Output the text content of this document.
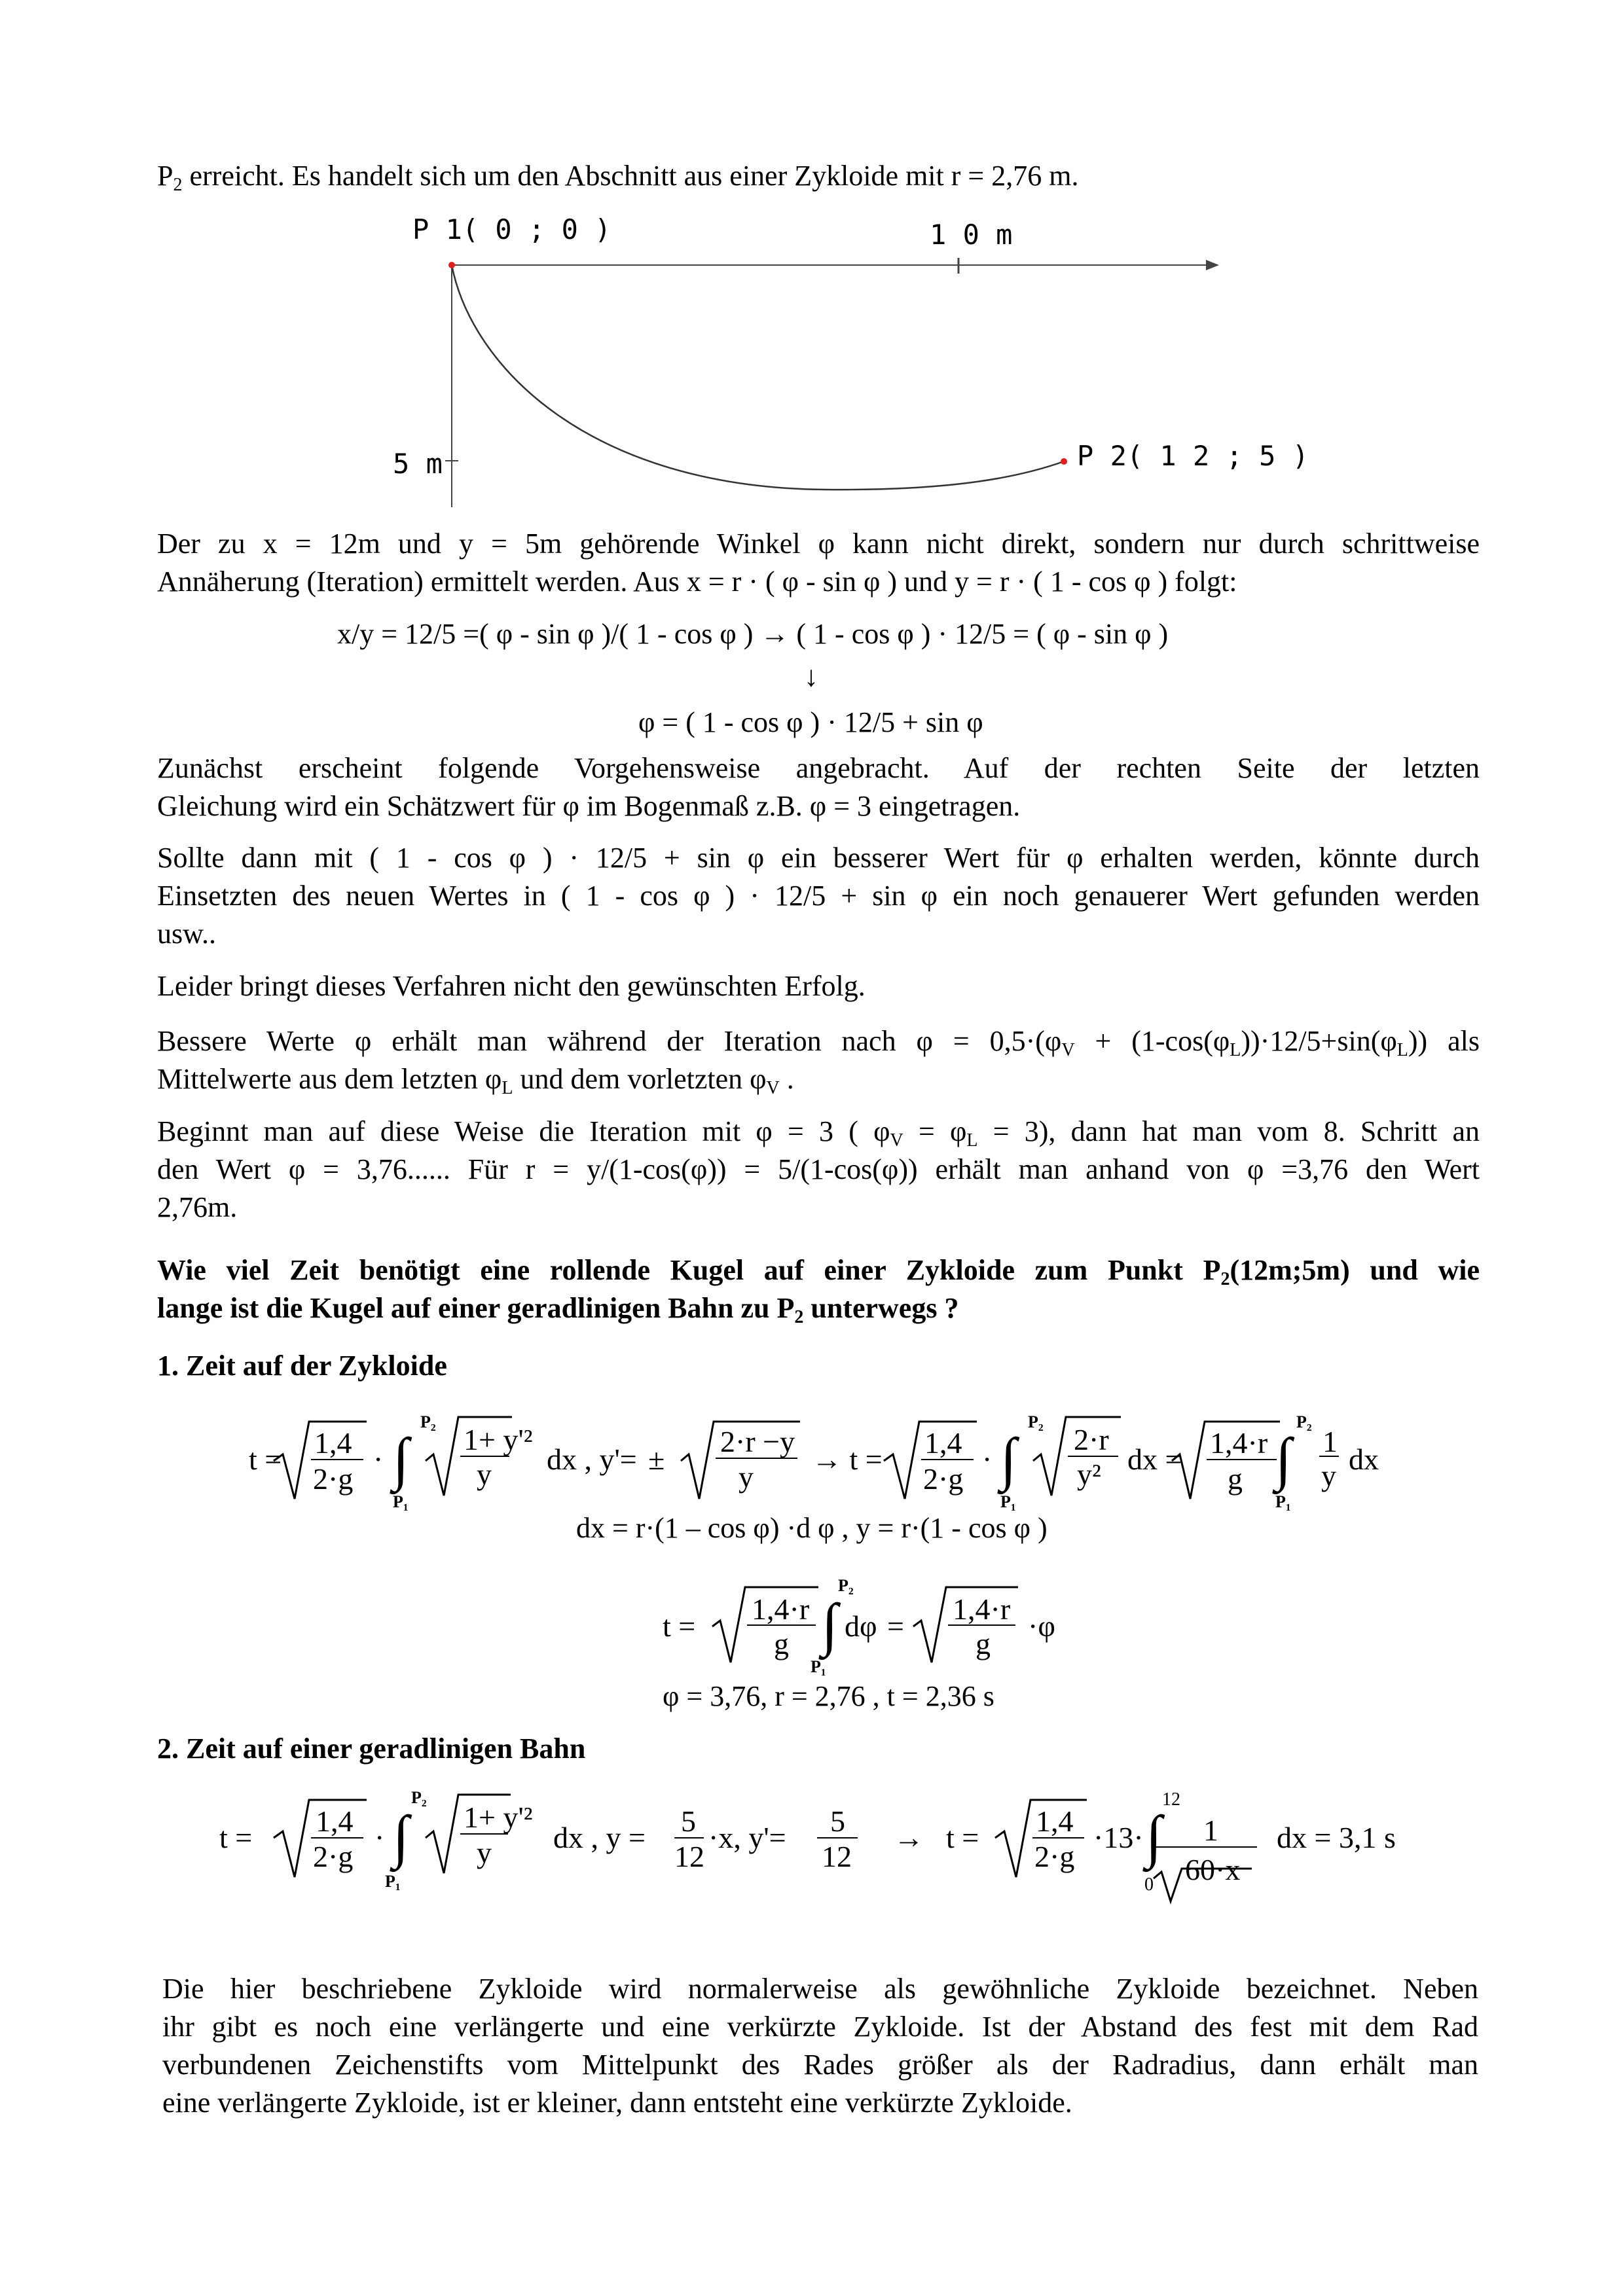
$P_2$ erreicht. Es handelt sich um den Abschnitt aus einer Zykloide mit r = 2,76 m.

P 1( 0 ; 0 )	1 0 m
5 m	P 2( 1 2 ; 5 )

Der zu x = 12m und y = 5m gehörende Winkel φ kann nicht direkt, sondern nur durch schrittweise

Annäherung (Iteration) ermittelt werden. Aus x = r · ( φ - sin φ ) und y = r · ( 1 - cos φ ) folgt:

x/y = 12/5 =( φ - sin φ )/( 1 - cos φ ) → ( 1 - cos φ ) · 12/5 = ( φ - sin φ )
↓
φ = ( 1 - cos φ ) · 12/5 + sin φ

Zunächst erscheint folgende Vorgehensweise angebracht. Auf der rechten Seite der letzten

Gleichung wird ein Schätzwert für φ im Bogenmaß z.B. φ = 3 eingetragen.

Sollte dann mit ( 1 - cos φ ) · 12/5 + sin φ ein besserer Wert für φ erhalten werden, könnte durch

Einsetzten des neuen Wertes in ( 1 - cos φ ) · 12/5 + sin φ ein noch genauerer Wert gefunden werden

usw..

Leider bringt dieses Verfahren nicht den gewünschten Erfolg.

Bessere Werte φ erhält man während der Iteration nach $\varphi = 0,5\cdot(\varphi_V + (1-\cos(\varphi_L))\cdot 12/5+\sin(\varphi_L))$ als

Mittelwerte aus dem letzten $\varphi_L$ und dem vorletzten $\varphi_V$ .

Beginnt man auf diese Weise die Iteration mit φ = 3 ( $\varphi_V = \varphi_L = 3$), dann hat man vom 8. Schritt an

den Wert φ = 3,76...... Für r = y/(1-cos(φ)) = 5/(1-cos(φ)) erhält man anhand von φ =3,76 den Wert

2,76m.

Wie viel Zeit benötigt eine rollende Kugel auf einer Zykloide zum Punkt $P_2(12m;5m)$ und wie

lange ist die Kugel auf einer geradlinigen Bahn zu $P_2$ unterwegs ?

1. Zeit auf der Zykloide

t = 1,4
2·g
· ∫
P₂
P₁
1+ y'²
y dx , y'= ±
2·r −y
y
→ t = 1,4
2·g
· ∫
P₂
P₁
2·r
y² dx = 1,4·r
g ∫
P₂
P₁
1
y dx
dx = r·(1 – cos φ) ·d φ , y = r·(1 - cos φ )
t =
1,4·r
g ∫
P₂
P₁
dφ =
1,4·r
g
·φ
φ = 3,76, r = 2,76 , t = 2,36 s

2. Zeit auf einer geradlinigen Bahn

t = 1,4
2·g
· ∫
P₂
P₁
1+ y'²
y dx , y = 5
12
·x, y'= 5
12
→ t = 1,4
2·g
·13· ∫
12
0
1
60·x
dx = 3,1 s

Die hier beschriebene Zykloide wird normalerweise als gewöhnliche Zykloide bezeichnet. Neben

ihr gibt es noch eine verlängerte und eine verkürzte Zykloide. Ist der Abstand des fest mit dem Rad

verbundenen Zeichenstifts vom Mittelpunkt des Rades größer als der Radradius, dann erhält man

eine verlängerte Zykloide, ist er kleiner, dann entsteht eine verkürzte Zykloide.
